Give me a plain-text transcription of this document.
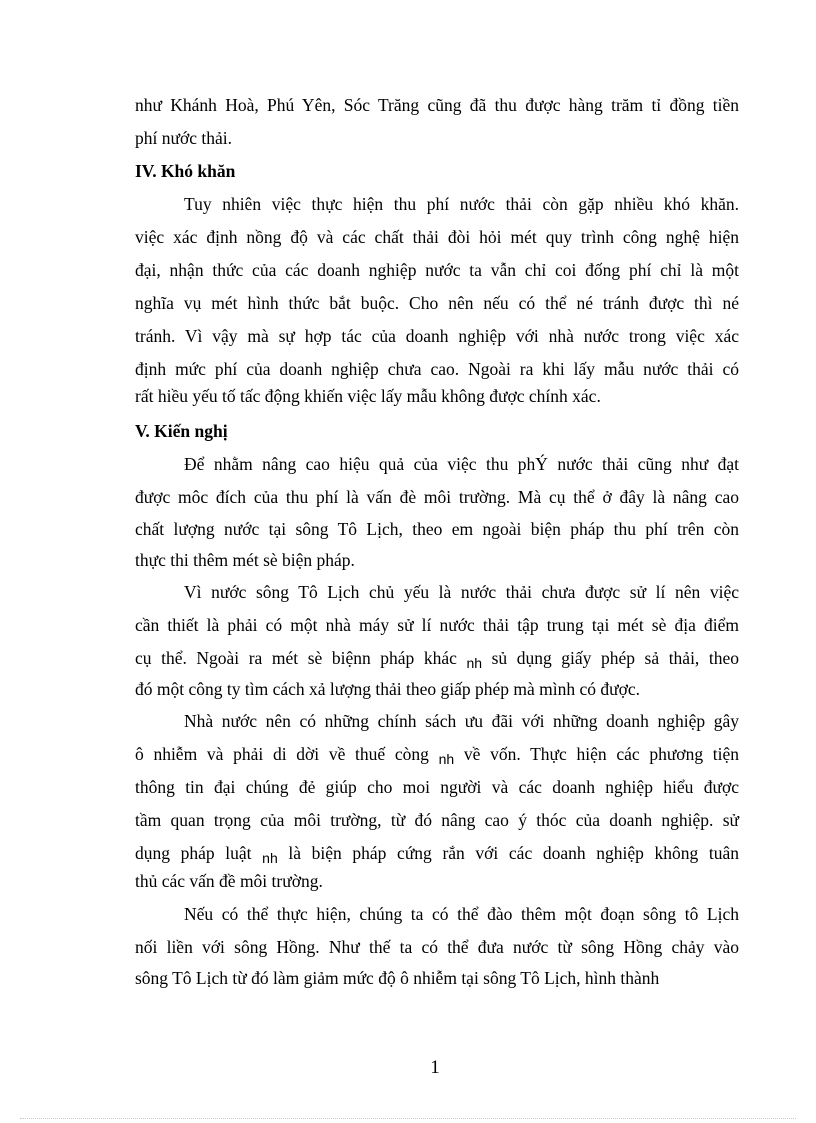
như Khánh Hoà, Phú Yên, Sóc Trăng cũng đã thu được hàng trăm tỉ đồng tiền
phí nước thải.
IV. Khó khăn
Tuy nhiên việc thực hiện thu phí nước thải còn gặp nhiều khó khăn.
việc xác định nồng độ và các chất thải đòi hỏi mét quy trình công nghệ hiện
đại, nhận thức của các doanh nghiệp nước ta vẫn chỉ coi đống phí chỉ là một
nghĩa vụ mét hình thức bắt buộc. Cho nên nếu có thể né tránh được thì né
tránh. Vì vậy mà sự hợp tác của doanh nghiệp với nhà nước trong việc xác
định mức phí của doanh nghiệp chưa cao. Ngoài ra khi lấy mẫu nước thải có
rất hiều yếu tố tấc động khiến việc lấy mẫu không được chính xác.
V. Kiến nghị
Để nhằm nâng cao hiệu quả của việc thu phÝ nước thải cũng như đạt
được môc đích của thu phí là vấn đè môi trường. Mà cụ thể ở đây là nâng cao
chất lượng nước tại sông Tô Lịch, theo em ngoài biện pháp thu phí trên còn
thực thi thêm mét sè biện pháp.
Vì nước sông Tô Lịch chủ yếu là nước thải chưa được sử lí nên việc
cần thiết là phải có một nhà máy sử lí nước thải tập trung tại mét sè địa điểm
cụ thể. Ngoài ra mét sè biệnn pháp khác $_{nh}$ sủ dụng giấy phép sả thải, theo
đó một công ty tìm cách xả lượng thải theo giấp phép mà mình có được.
Nhà nước nên có những chính sách ưu đãi với những doanh nghiệp gây
ô nhiễm và phải di dời về thuế còng $_{nh}$ về vốn. Thực hiện các phương tiện
thông tin đại chúng đẻ giúp cho moi người và các doanh nghiệp hiểu được
tầm quan trọng của môi trường, từ đó nâng cao ý thóc của doanh nghiệp. sử
dụng pháp luật $_{nh}$ là biện pháp cứng rắn với các doanh nghiệp không tuân
thủ các vấn đề môi trường.
Nếu có thể thực hiện, chúng ta có thể đào thêm một đoạn sông tô Lịch
nối liền với sông Hồng. Như thế ta có thể đưa nước từ sông Hồng chảy vào
sông Tô Lịch từ đó làm giảm mức độ ô nhiễm tại sông Tô Lịch, hình thành
1
